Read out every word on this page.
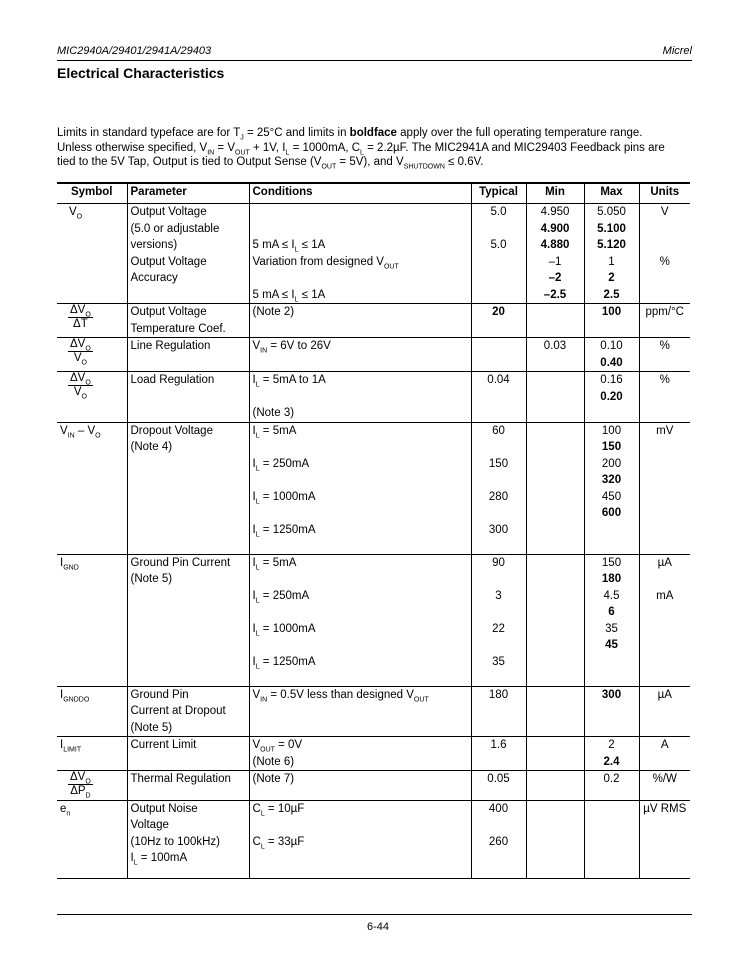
MIC2940A/29401/2941A/29403	Micrel
Electrical Characteristics
Limits in standard typeface are for $T_J = 25^\circ C$ and limits in boldface apply over the full operating temperature range.
Unless otherwise specified, $V_{IN} = V_{OUT} + 1V$, $I_L = 1000mA$, $C_L = 2.2\mu F$. The MIC2941A and MIC29403 Feedback pins are
tied to the 5V Tap, Output is tied to Output Sense $(V_{OUT} = 5V)$, and $V_{SHUTDOWN} \le 0.6V$.
Symbol	Parameter	Conditions	Typical	Min	Max	Units
$V_O$	Output Voltage		5.0	4.950	5.050	V
	(5.0 or adjustable			4.900	5.100	
	versions)	5 mA ≤ $I_L \le 1A$	5.0	4.880	5.120	
	Output Voltage	Variation from designed $V_{OUT}$		–1	1	%
	Accuracy			–2	2	
		5 mA ≤ $I_L \le 1A$		–2.5	2.5	

$\frac{\Delta V_O}{\Delta T}$	Output Voltage	(Note 2)	20		100	ppm/°C
	Temperature Coef.					

$\frac{\Delta V_O}{V_O}$	Line Regulation	$V_{IN} = 6V$ to 26V		0.03	0.10	%
					0.40	

$\frac{\Delta V_O}{V_O}$	Load Regulation	$I_L = 5mA$ to 1A	0.04		0.16	%
					0.20	
		(Note 3)				
$V_{IN} - V_O$	Dropout Voltage	$I_L = 5mA$	60		100	mV
	(Note 4)				150	
		$I_L = 250mA$	150		200	
					320	
		$I_L = 1000mA$	280		450	
					600	
		$I_L = 1250mA$	300			

$I_{GND}$	Ground Pin Current	$I_L = 5mA$	90		150	µA
	(Note 5)				180	
		$I_L = 250mA$	3		4.5	mA
					6	
		$I_L = 1000mA$	22		35	
					45	
		$I_L = 1250mA$	35			

$I_{GNDDO}$	Ground Pin	$V_{IN} = 0.5V$ less than designed $V_{OUT}$	180		300	µA
	Current at Dropout					
	(Note 5)					
$I_{LIMIT}$	Current Limit	$V_{OUT} = 0V$	1.6		2	A
		(Note 6)			2.4	

$\frac{\Delta V_O}{\Delta P_D}$	Thermal Regulation	(Note 7)	0.05		0.2	%/W

$e_n$	Output Noise	$C_L = 10\mu F$	400			µV RMS
	Voltage					
	(10Hz to 100kHz)	$C_L = 33\mu F$	260			
	$I_L = 100mA$					

6-44
